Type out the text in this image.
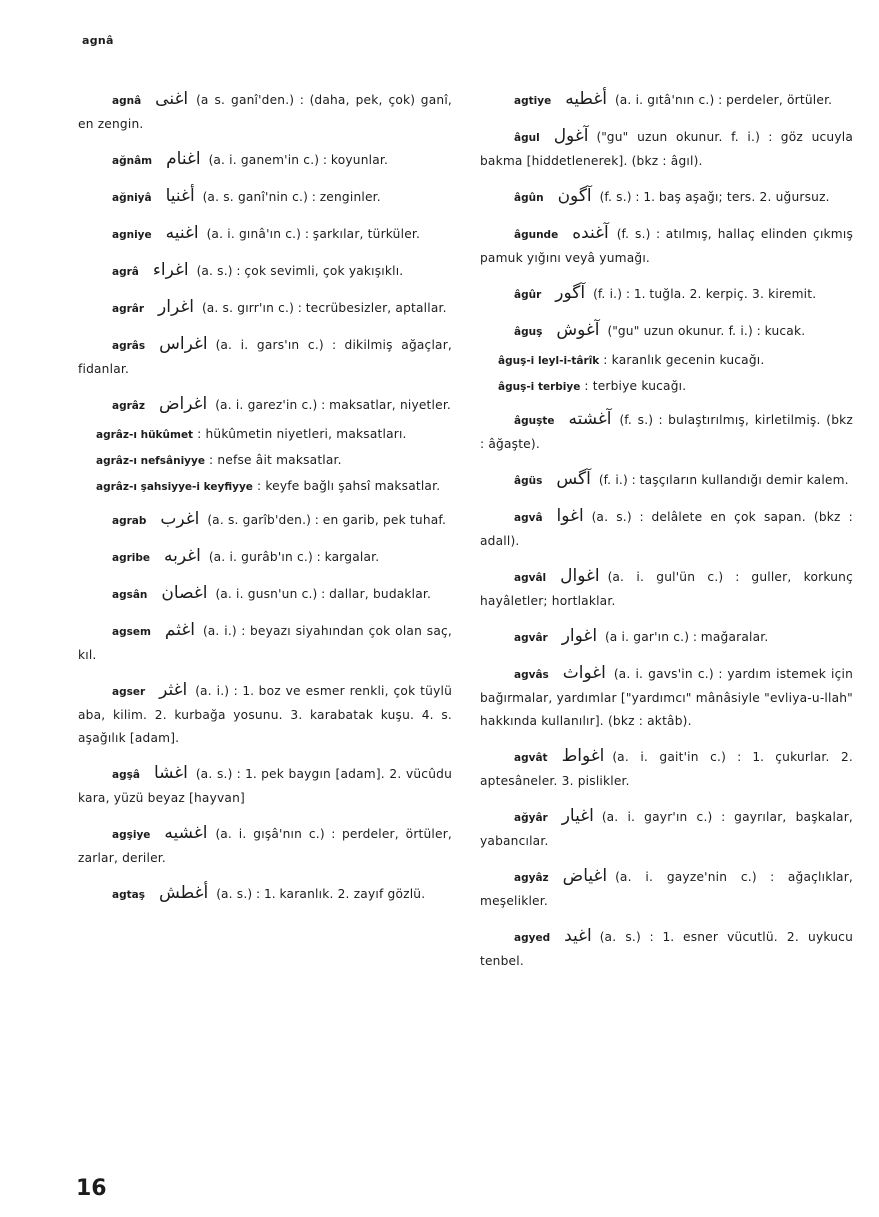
agnâ
agnâ اغنى (a s. ganî'den.) : (daha, pek, çok) ganî, en zengin.
ağnâm اغنام (a. i. ganem'in c.) : koyunlar.
ağniyâ أغنيا (a. s. ganî'nin c.) : zenginler.
agniye اغنيه (a. i. gınâ'ın c.) : şarkılar, türküler.
agrâ اغراء (a. s.) : çok sevimli, çok yakışıklı.
agrâr اغرار (a. s. gırr'ın c.) : tecrübesizler, aptallar.
agrâs اغراس (a. i. gars'ın c.) : dikilmiş ağaçlar, fidanlar.
agrâz اغراض (a. i. garez'in c.) : maksatlar, niyetler.
agrâz-ı hükûmet : hükûmetin niyetleri, maksatları.
agrâz-ı nefsâniyye : nefse âit maksatlar.
agrâz-ı şahsiyye-i keyfiyye : keyfe bağlı şahsî maksatlar.
agrab اغرب (a. s. garîb'den.) : en garib, pek tuhaf.
agribe اغربه (a. i. gurâb'ın c.) : kargalar.
agsân اغصان (a. i. gusn'un c.) : dallar, budaklar.
agsem اغثم (a. i.) : beyazı siyahından çok olan saç, kıl.
agser اغثر (a. i.) : 1. boz ve esmer renkli, çok tüylü aba, kilim. 2. kurbağa yosunu. 3. karabatak kuşu. 4. s. aşağılık [adam].
agşâ اغشا (a. s.) : 1. pek baygın [adam]. 2. vücûdu kara, yüzü beyaz [hayvan]
agşiye اغشيه (a. i. gışâ'nın c.) : perdeler, örtüler, zarlar, deriler.
agtaş أغطش (a. s.) : 1. karanlık. 2. zayıf gözlü.
agtiye أغطيه (a. i. gıtâ'nın c.) : perdeler, örtüler.
âgul آغول ("gu" uzun okunur. f. i.) : göz ucuyla bakma [hiddetlenerek]. (bkz : âgıl).
âgûn آگون (f. s.) : 1. baş aşağı; ters. 2. uğursuz.
âgunde آغنده (f. s.) : atılmış, hallaç elinden çıkmış pamuk yığını veyâ yumağı.
âgûr آگور (f. i.) : 1. tuğla. 2. kerpiç. 3. kiremit.
âguş آغوش ("gu" uzun okunur. f. i.) : kucak.
âguş-i leyl-i-târîk : karanlık gecenin kucağı.
âguş-i terbiye : terbiye kucağı.
âguşte آغشته (f. s.) : bulaştırılmış, kirletilmiş. (bkz : âğaşte).
âgüs آگس (f. i.) : taşçıların kullandığı demir kalem.
agvâ اغوا (a. s.) : delâlete en çok sapan. (bkz : adall).
agvâl اغوال (a. i. gul'ün c.) : guller, korkunç hayâletler; hortlaklar.
agvâr اغوار (a i. gar'ın c.) : mağaralar.
agvâs اغواث (a. i. gavs'in c.) : yardım istemek için bağırmalar, yardımlar ["yardımcı" mânâsiyle "evliya-u-llah" hakkında kullanılır]. (bkz : aktâb).
agvât اغواط (a. i. gait'in c.) : 1. çukurlar. 2. aptesâneler. 3. pislikler.
ağyâr اغيار (a. i. gayr'ın c.) : gayrılar, başkalar, yabancılar.
agyâz اغياض (a. i. gayze'nin c.) : ağaçlıklar, meşelikler.
agyed اغيد (a. s.) : 1. esner vücutlü. 2. uykucu tenbel.
16
